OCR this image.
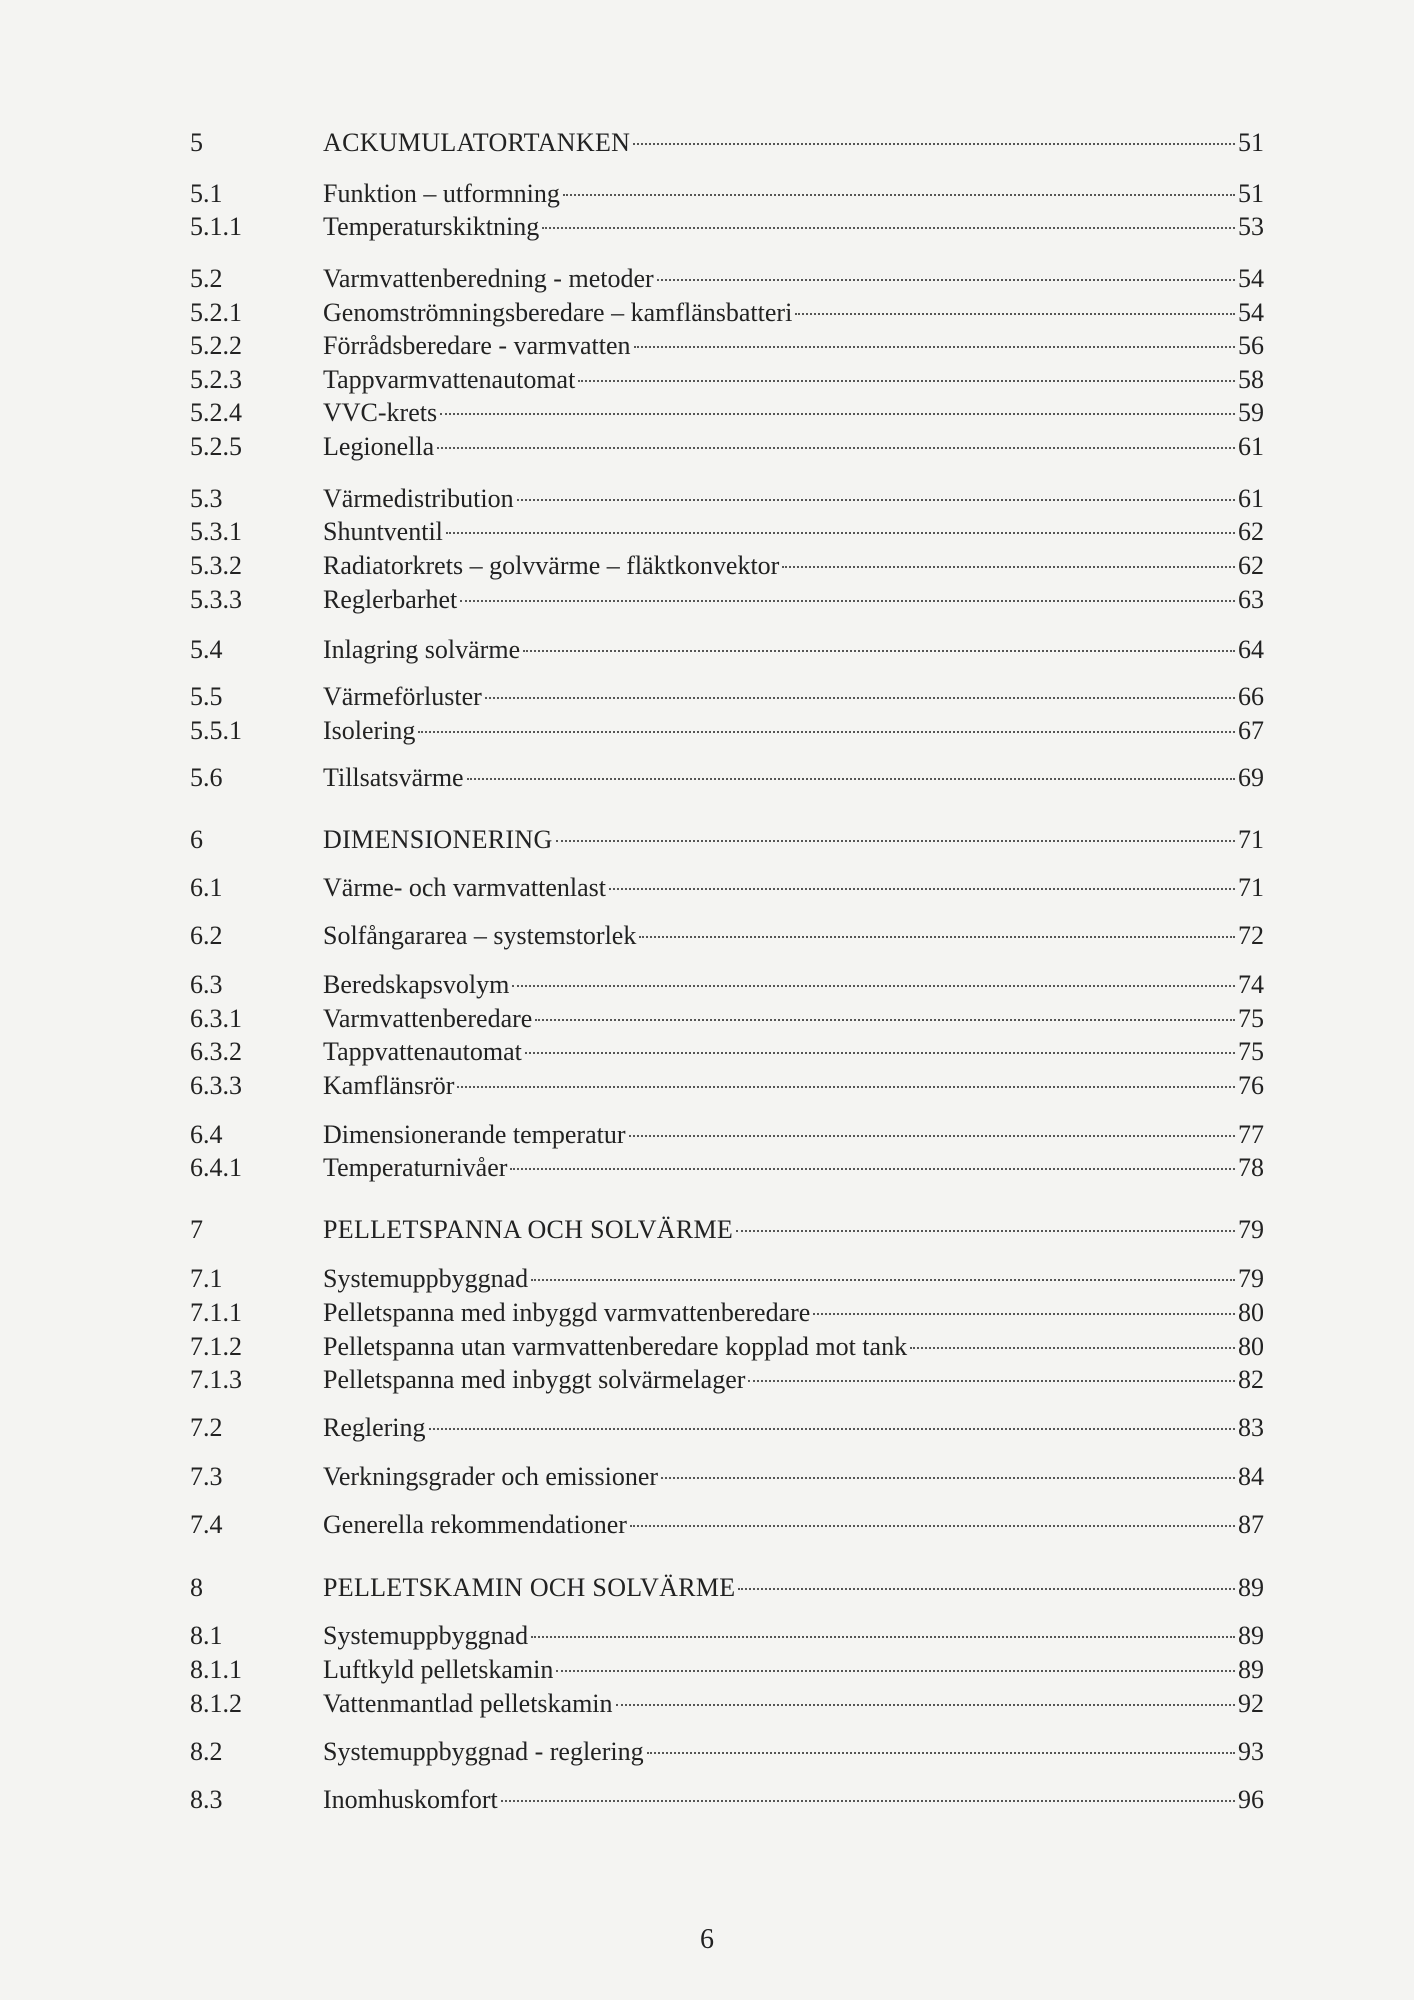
5	ACKUMULATORTANKEN	51
5.1	Funktion – utformning	51
5.1.1	Temperaturskiktning	53
5.2	Varmvattenberedning - metoder	54
5.2.1	Genomströmningsberedare – kamflänsbatteri	54
5.2.2	Förrådsberedare - varmvatten	56
5.2.3	Tappvarmvattenautomat	58
5.2.4	VVC-krets	59
5.2.5	Legionella	61
5.3	Värmedistribution	61
5.3.1	Shuntventil	62
5.3.2	Radiatorkrets – golvvärme – fläktkonvektor	62
5.3.3	Reglerbarhet	63
5.4	Inlagring solvärme	64
5.5	Värmeförluster	66
5.5.1	Isolering	67
5.6	Tillsatsvärme	69
6	DIMENSIONERING	71
6.1	Värme- och varmvattenlast	71
6.2	Solfångararea – systemstorlek	72
6.3	Beredskapsvolym	74
6.3.1	Varmvattenberedare	75
6.3.2	Tappvattenautomat	75
6.3.3	Kamflänsrör	76
6.4	Dimensionerande temperatur	77
6.4.1	Temperaturnivåer	78
7	PELLETSPANNA OCH SOLVÄRME	79
7.1	Systemuppbyggnad	79
7.1.1	Pelletspanna med inbyggd varmvattenberedare	80
7.1.2	Pelletspanna utan varmvattenberedare kopplad mot tank	80
7.1.3	Pelletspanna med inbyggt solvärmelager	82
7.2	Reglering	83
7.3	Verkningsgrader och emissioner	84
7.4	Generella rekommendationer	87
8	PELLETSKAMIN OCH SOLVÄRME	89
8.1	Systemuppbyggnad	89
8.1.1	Luftkyld pelletskamin	89
8.1.2	Vattenmantlad pelletskamin	92
8.2	Systemuppbyggnad - reglering	93
8.3	Inomhuskomfort	96
6
